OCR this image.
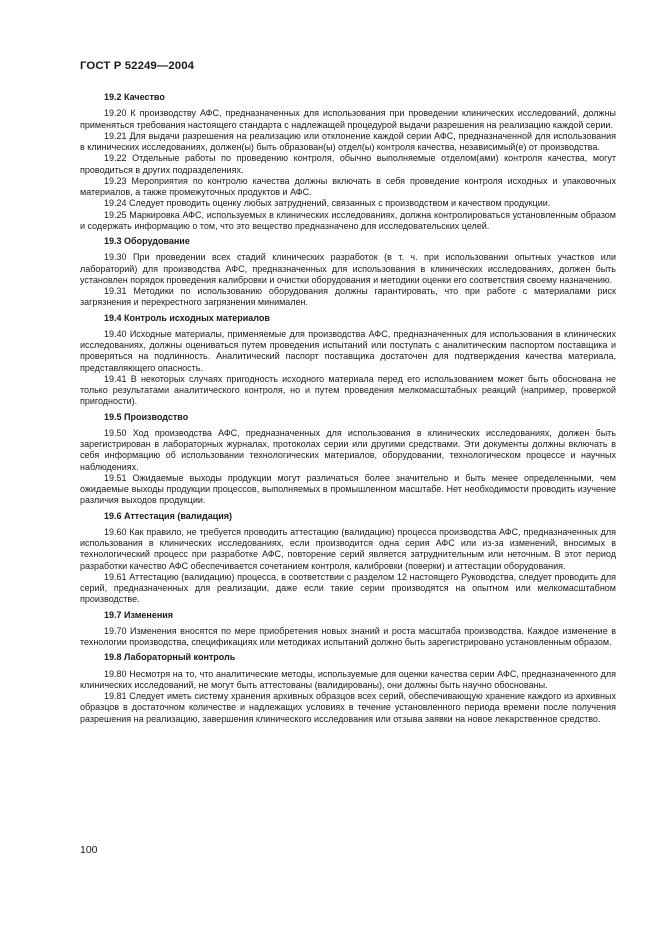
ГОСТ Р 52249—2004
19.2 Качество

19.20 К производству АФС, предназначенных для использования при проведении клинических исследований, должны применяться требования настоящего стандарта с надлежащей процедурой выдачи разрешения на реализацию каждой серии.

19.21 Для выдачи разрешения на реализацию или отклонение каждой серии АФС, предназначенной для использования в клинических исследованиях, должен(ы) быть образован(ы) отдел(ы) контроля качества, независимый(е) от производства.

19.22 Отдельные работы по проведению контроля, обычно выполняемые отделом(ами) контроля качества, могут проводиться в других подразделениях.

19.23 Мероприятия по контролю качества должны включать в себя проведение контроля исходных и упаковочных материалов, а также промежуточных продуктов и АФС.

19.24 Следует проводить оценку любых затруднений, связанных с производством и качеством продукции.

19.25 Маркировка АФС, используемых в клинических исследованиях, должна контролироваться установленным образом и содержать информацию о том, что это вещество предназначено для исследовательских целей.

19.3 Оборудование

19.30 При проведении всех стадий клинических разработок (в т. ч. при использовании опытных участков или лабораторий) для производства АФС, предназначенных для использования в клинических исследованиях, должен быть установлен порядок проведения калибровки и очистки оборудования и методики оценки его соответствия своему назначению.

19.31 Методики по использованию оборудования должны гарантировать, что при работе с материалами риск загрязнения и перекрестного загрязнения минимален.

19.4 Контроль исходных материалов

19.40 Исходные материалы, применяемые для производства АФС, предназначенных для использования в клинических исследованиях, должны оцениваться путем проведения испытаний или поступать с аналитическим паспортом поставщика и проверяться на подлинность. Аналитический паспорт поставщика достаточен для подтверждения качества материала, представляющего опасность.

19.41 В некоторых случаях пригодность исходного материала перед его использованием может быть обоснована не только результатами аналитического контроля, но и путем проведения мелкомасштабных реакций (например, проверкой пригодности).

19.5 Производство

19.50 Ход производства АФС, предназначенных для использования в клинических исследованиях, должен быть зарегистрирован в лабораторных журналах, протоколах серии или другими средствами. Эти документы должны включать в себя информацию об использовании технологических материалов, оборудовании, технологическом процессе и научных наблюдениях.

19.51 Ожидаемые выходы продукции могут различаться более значительно и быть менее определенными, чем ожидаемые выходы продукции процессов, выполняемых в промышленном масштабе. Нет необходимости проводить изучение различия выходов продукции.

19.6 Аттестация (валидация)

19.60 Как правило, не требуется проводить аттестацию (валидацию) процесса производства АФС, предназначенных для использования в клинических исследованиях, если производится одна серия АФС или из-за изменений, вносимых в технологический процесс при разработке АФС, повторение серий является затруднительным или неточным. В этот период разработки качество АФС обеспечивается сочетанием контроля, калибровки (поверки) и аттестации оборудования.

19.61 Аттестацию (валидацию) процесса, в соответствии с разделом 12 настоящего Руководства, следует проводить для серий, предназначенных для реализации, даже если такие серии производятся на опытном или мелкомасштабном производстве.

19.7 Изменения

19.70 Изменения вносятся по мере приобретения новых знаний и роста масштаба производства. Каждое изменение в технологии производства, спецификациях или методиках испытаний должно быть зарегистрировано установленным образом.

19.8 Лабораторный контроль

19.80 Несмотря на то, что аналитические методы, используемые для оценки качества серии АФС, предназначенного для клинических исследований, не могут быть аттестованы (валидированы), они должны быть научно обоснованы.

19.81 Следует иметь систему хранения архивных образцов всех серий, обеспечивающую хранение каждого из архивных образцов в достаточном количестве и надлежащих условиях в течение установленного периода времени после получения разрешения на реализацию, завершения клинического исследования или отзыва заявки на новое лекарственное средство.

100
